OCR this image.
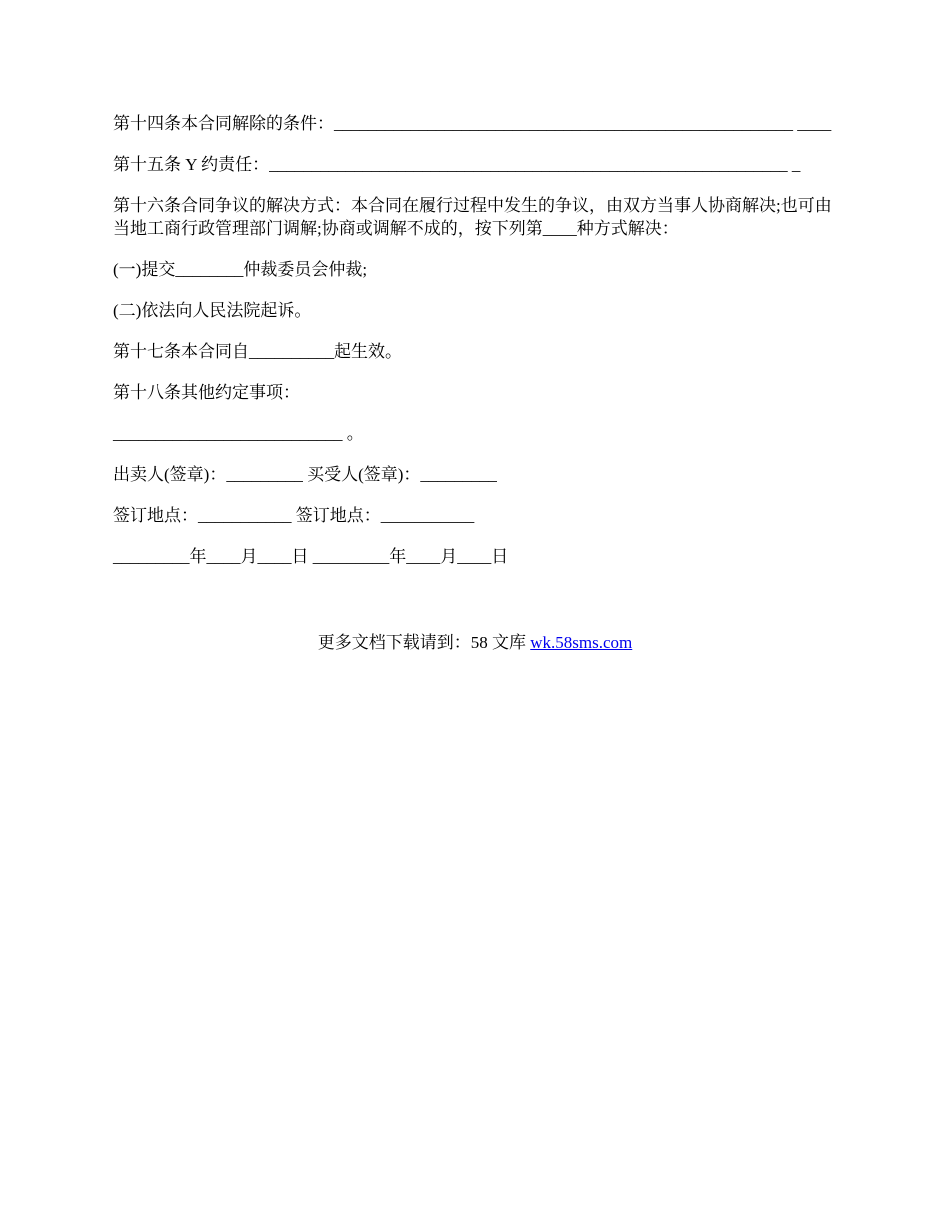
第十四条本合同解除的条件：______________________________________________________ ____

第十五条 Y 约责任：_____________________________________________________________ _

第十六条合同争议的解决方式：本合同在履行过程中发生的争议，由双方当事人协商解决;也可由当地工商行政管理部门调解;协商或调解不成的，按下列第____种方式解决：

(一)提交________仲裁委员会仲裁;

(二)依法向人民法院起诉。

第十七条本合同自__________起生效。

第十八条其他约定事项：

___________________________ 。

出卖人(签章)：_________ 买受人(签章)：_________

签订地点：___________ 签订地点：___________

_________年____月____日 _________年____月____日

更多文档下载请到：58 文库 wk.58sms.com
